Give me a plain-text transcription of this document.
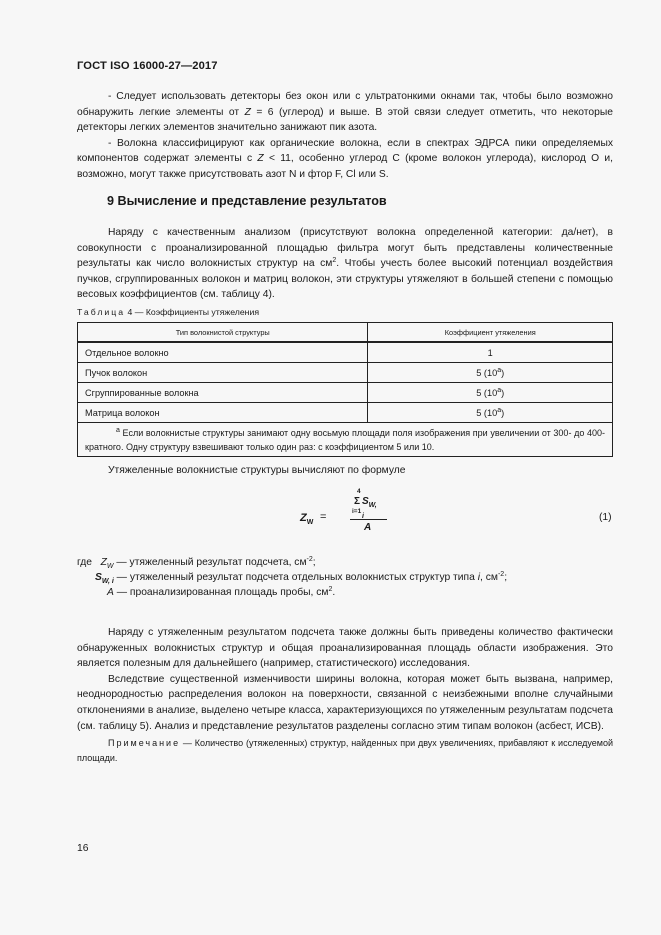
ГОСТ ISO 16000-27—2017

- Следует использовать детекторы без окон или с ультратонкими окнами так, чтобы было возможно обнаружить легкие элементы от Z = 6 (углерод) и выше. В этой связи следует отметить, что некоторые детекторы легких элементов значительно занижают пик азота.

- Волокна классифицируют как органические волокна, если в спектрах ЭДРСА пики определяемых компонентов содержат элементы с Z < 11, особенно углерод С (кроме волокон углерода), кислород О и, возможно, могут также присутствовать азот N и фтор F, Cl или S.

9 Вычисление и представление результатов

Наряду с качественным анализом (присутствуют волокна определенной категории: да/нет), в совокупности с проанализированной площадью фильтра могут быть представлены количественные результаты как число волокнистых структур на $см^2$. Чтобы учесть более высокий потенциал воздействия пучков, сгруппированных волокон и матриц волокон, эти структуры утяжеляют в большей степени с помощью весовых коэффициентов (см. таблицу 4).

Таблица 4 — Коэффициенты утяжеления
Тип волокнистой структуры	Коэффициент утяжеления
Отдельное волокно	1
Пучок волокон	5 (10$^a$)
Сгруппированные волокна	5 (10$^a$)
Матрица волокон	5 (10$^a$)

$^a$ Если волокнистые структуры занимают одну восьмую площади поля изображения при увеличении от 300- до 400-кратного. Одну структуру взвешивают только один раз: с коэффициентом 5 или 10.	
Утяжеленные волокнистые структуры вычисляют по формуле
$Z_W$ =
4
Σ $S_{W, i}$
i=1
A
(1)
где $Z_W$ — утяжеленный результат подсчета, $см^{-2}$;
$S_{W, i}$ — утяжеленный результат подсчета отдельных волокнистых структур типа i, $см^{-2}$;
A — проанализированная площадь пробы, $см^2$.

Наряду с утяжеленным результатом подсчета также должны быть приведены количество фактически обнаруженных волокнистых структур и общая проанализированная площадь области изображения. Это является полезным для дальнейшего (например, статистического) исследования.

Вследствие существенной изменчивости ширины волокна, которая может быть вызвана, например, неоднородностью распределения волокон на поверхности, связанной с неизбежными вполне случайными отклонениями в анализе, выделено четыре класса, характеризующихся по утяжеленным результатам подсчета (см. таблицу 5). Анализ и представление результатов разделены согласно этим типам волокон (асбест, ИСВ).

Примечание — Количество (утяжеленных) структур, найденных при двух увеличениях, прибавляют к исследуемой площади.

16
